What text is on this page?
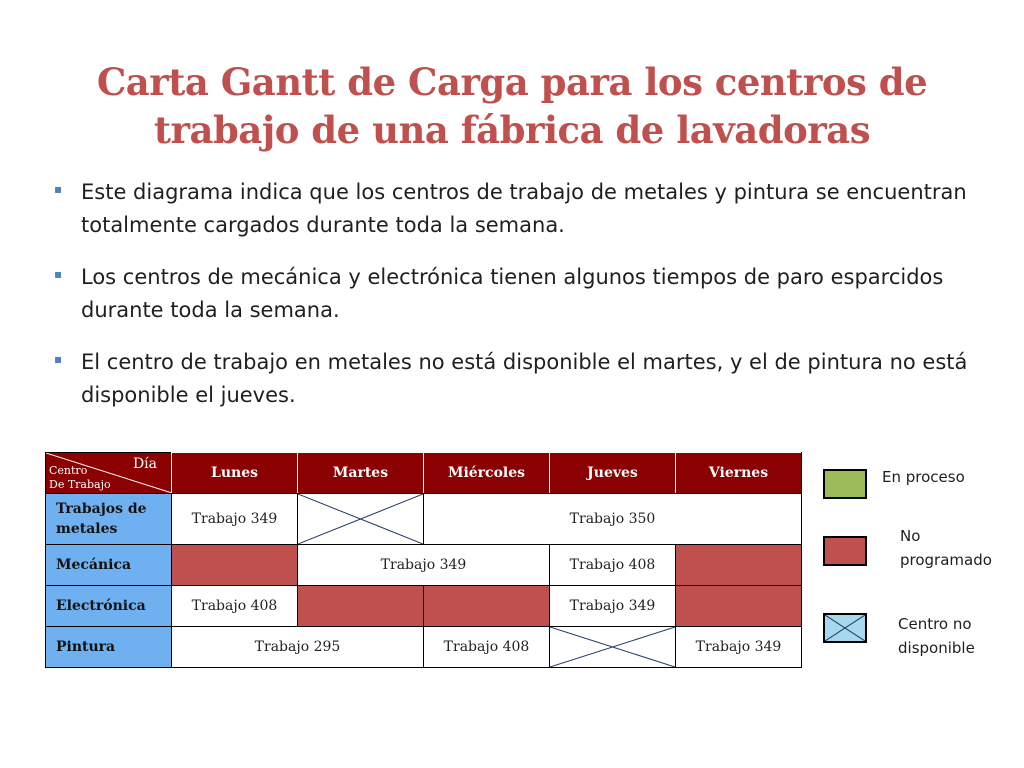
Carta Gantt de Carga para los centros de
trabajo de una fábrica de lavadoras
▪ Este diagrama indica que los centros de trabajo de metales y pintura se encuentran totalmente cargados durante toda la semana.
▪ Los centros de mecánica y electrónica tienen algunos tiempos de paro esparcidos durante toda la semana.
▪ El centro de trabajo en metales no está disponible el martes, y el de pintura no está disponible el jueves.
Día
Centro
De Trabajo	Lunes	Martes	Miércoles	Jueves	Viernes
Trabajos de metales	Trabajo 349		Trabajo 350		
Mecánica		Trabajo 349		Trabajo 408	
Electrónica	Trabajo 408			Trabajo 349	
Pintura	Trabajo 295		Trabajo 408		Trabajo 349
En proceso
No
programado
Centro no
disponible
